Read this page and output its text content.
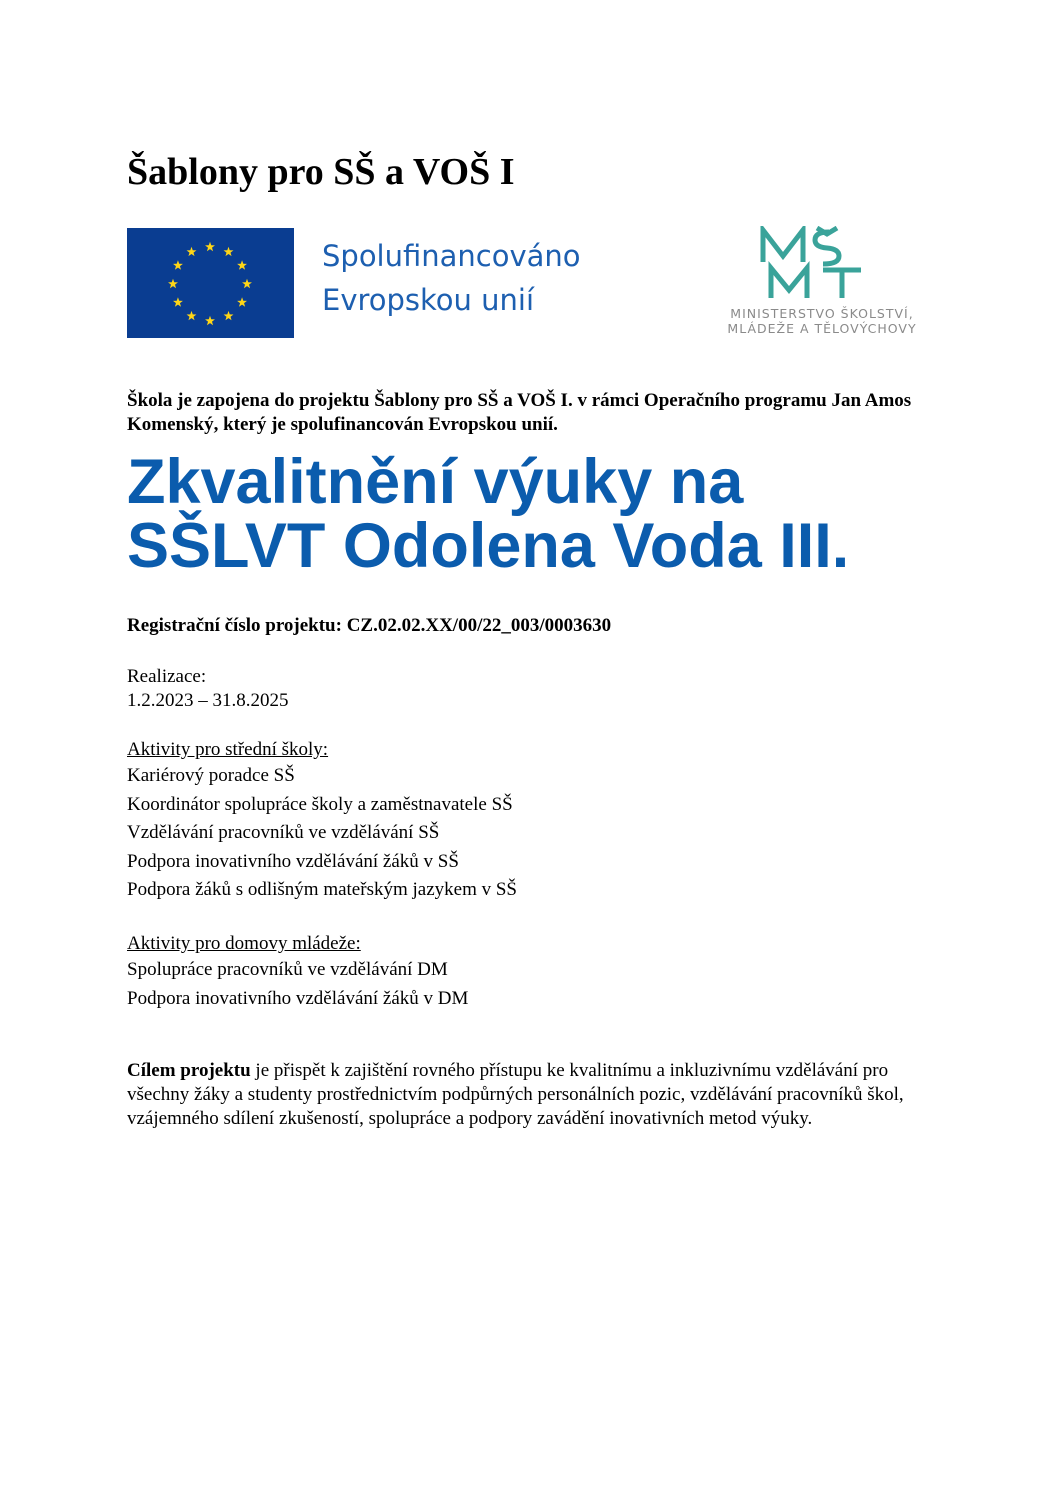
Šablony pro SŠ a VOŠ I
Spolufinancováno
Evropskou unií	MINISTERSTVO ŠKOLSTVÍ,
MLÁDEŽE A TĚLOVÝCHOVY

Škola je zapojena do projektu Šablony pro SŠ a VOŠ I. v rámci Operačního programu Jan Amos Komenský, který je spolufinancován Evropskou unií.

Zkvalitnění výuky na
SŠLVT Odolena Voda III.
Registrační číslo projektu: CZ.02.02.XX/00/22_003/0003630
Realizace:
1.2.2023 – 31.8.2025
Aktivity pro střední školy:
Kariérový poradce SŠ
Koordinátor spolupráce školy a zaměstnavatele SŠ
Vzdělávání pracovníků ve vzdělávání SŠ
Podpora inovativního vzdělávání žáků v SŠ
Podpora žáků s odlišným mateřským jazykem v SŠ
Aktivity pro domovy mládeže:
Spolupráce pracovníků ve vzdělávání DM
Podpora inovativního vzdělávání žáků v DM

Cílem projektu je přispět k zajištění rovného přístupu ke kvalitnímu a inkluzivnímu vzdělávání pro všechny žáky a studenty prostřednictvím podpůrných personálních pozic, vzdělávání pracovníků škol, vzájemného sdílení zkušeností, spolupráce a podpory zavádění inovativních metod výuky.
